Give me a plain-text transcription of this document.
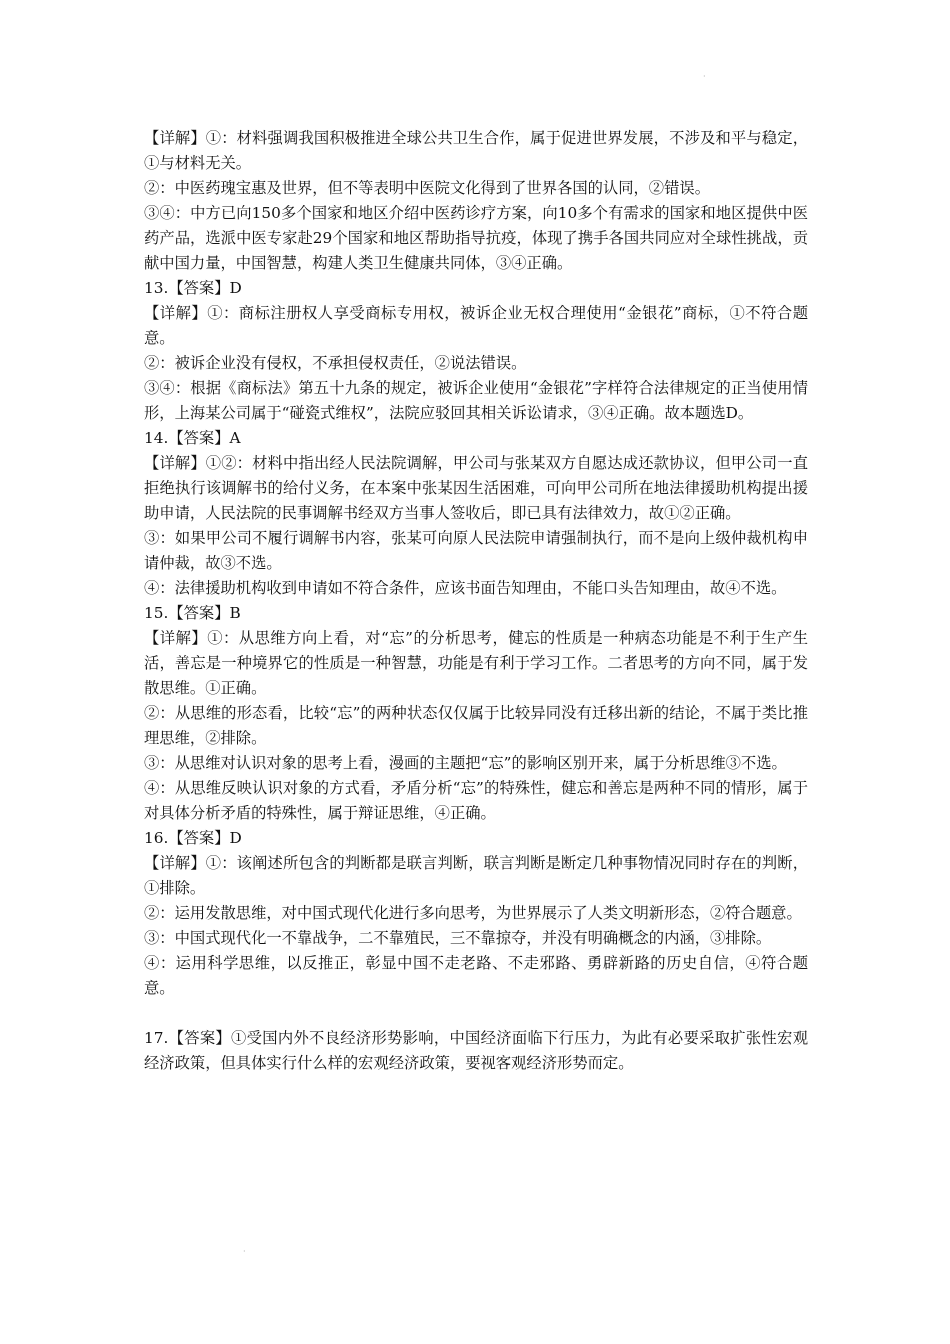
·

【详解】①：材料强调我国积极推进全球公共卫生合作，属于促进世界发展，不涉及和平与稳定，①与材料无关。

②：中医药瑰宝惠及世界，但不等表明中医院文化得到了世界各国的认同，②错误。

③④：中方已向150多个国家和地区介绍中医药诊疗方案，向10多个有需求的国家和地区提供中医药产品，选派中医专家赴29个国家和地区帮助指导抗疫，体现了携手各国共同应对全球性挑战，贡献中国力量，中国智慧，构建人类卫生健康共同体，③④正确。

13.【答案】D

【详解】①：商标注册权人享受商标专用权，被诉企业无权合理使用“金银花”商标，①不符合题意。

②：被诉企业没有侵权，不承担侵权责任，②说法错误。

③④：根据《商标法》第五十九条的规定，被诉企业使用“金银花”字样符合法律规定的正当使用情形，上海某公司属于“碰瓷式维权”，法院应驳回其相关诉讼请求，③④正确。故本题选D。

14.【答案】A

【详解】①②：材料中指出经人民法院调解，甲公司与张某双方自愿达成还款协议，但甲公司一直拒绝执行该调解书的给付义务，在本案中张某因生活困难，可向甲公司所在地法律援助机构提出援助申请，人民法院的民事调解书经双方当事人签收后，即已具有法律效力，故①②正确。

③：如果甲公司不履行调解书内容，张某可向原人民法院申请强制执行，而不是向上级仲裁机构申请仲裁，故③不选。

④：法律援助机构收到申请如不符合条件，应该书面告知理由，不能口头告知理由，故④不选。

15.【答案】B

【详解】①：从思维方向上看，对“忘”的分析思考，健忘的性质是一种病态功能是不利于生产生活，善忘是一种境界它的性质是一种智慧，功能是有利于学习工作。二者思考的方向不同，属于发散思维。①正确。

②：从思维的形态看，比较“忘”的两种状态仅仅属于比较异同没有迁移出新的结论，不属于类比推理思维，②排除。

③：从思维对认识对象的思考上看，漫画的主题把“忘”的影响区别开来，属于分析思维③不选。

④：从思维反映认识对象的方式看，矛盾分析“忘”的特殊性，健忘和善忘是两种不同的情形，属于对具体分析矛盾的特殊性，属于辩证思维，④正确。

16.【答案】D

【详解】①：该阐述所包含的判断都是联言判断，联言判断是断定几种事物情况同时存在的判断，①排除。

②：运用发散思维，对中国式现代化进行多向思考，为世界展示了人类文明新形态，②符合题意。

③：中国式现代化一不靠战争，二不靠殖民，三不靠掠夺，并没有明确概念的内涵，③排除。

④：运用科学思维，以反推正，彰显中国不走老路、不走邪路、勇辟新路的历史自信，④符合题意。

17.【答案】①受国内外不良经济形势影响，中国经济面临下行压力，为此有必要采取扩张性宏观经济政策，但具体实行什么样的宏观经济政策，要视客观经济形势而定。

·
